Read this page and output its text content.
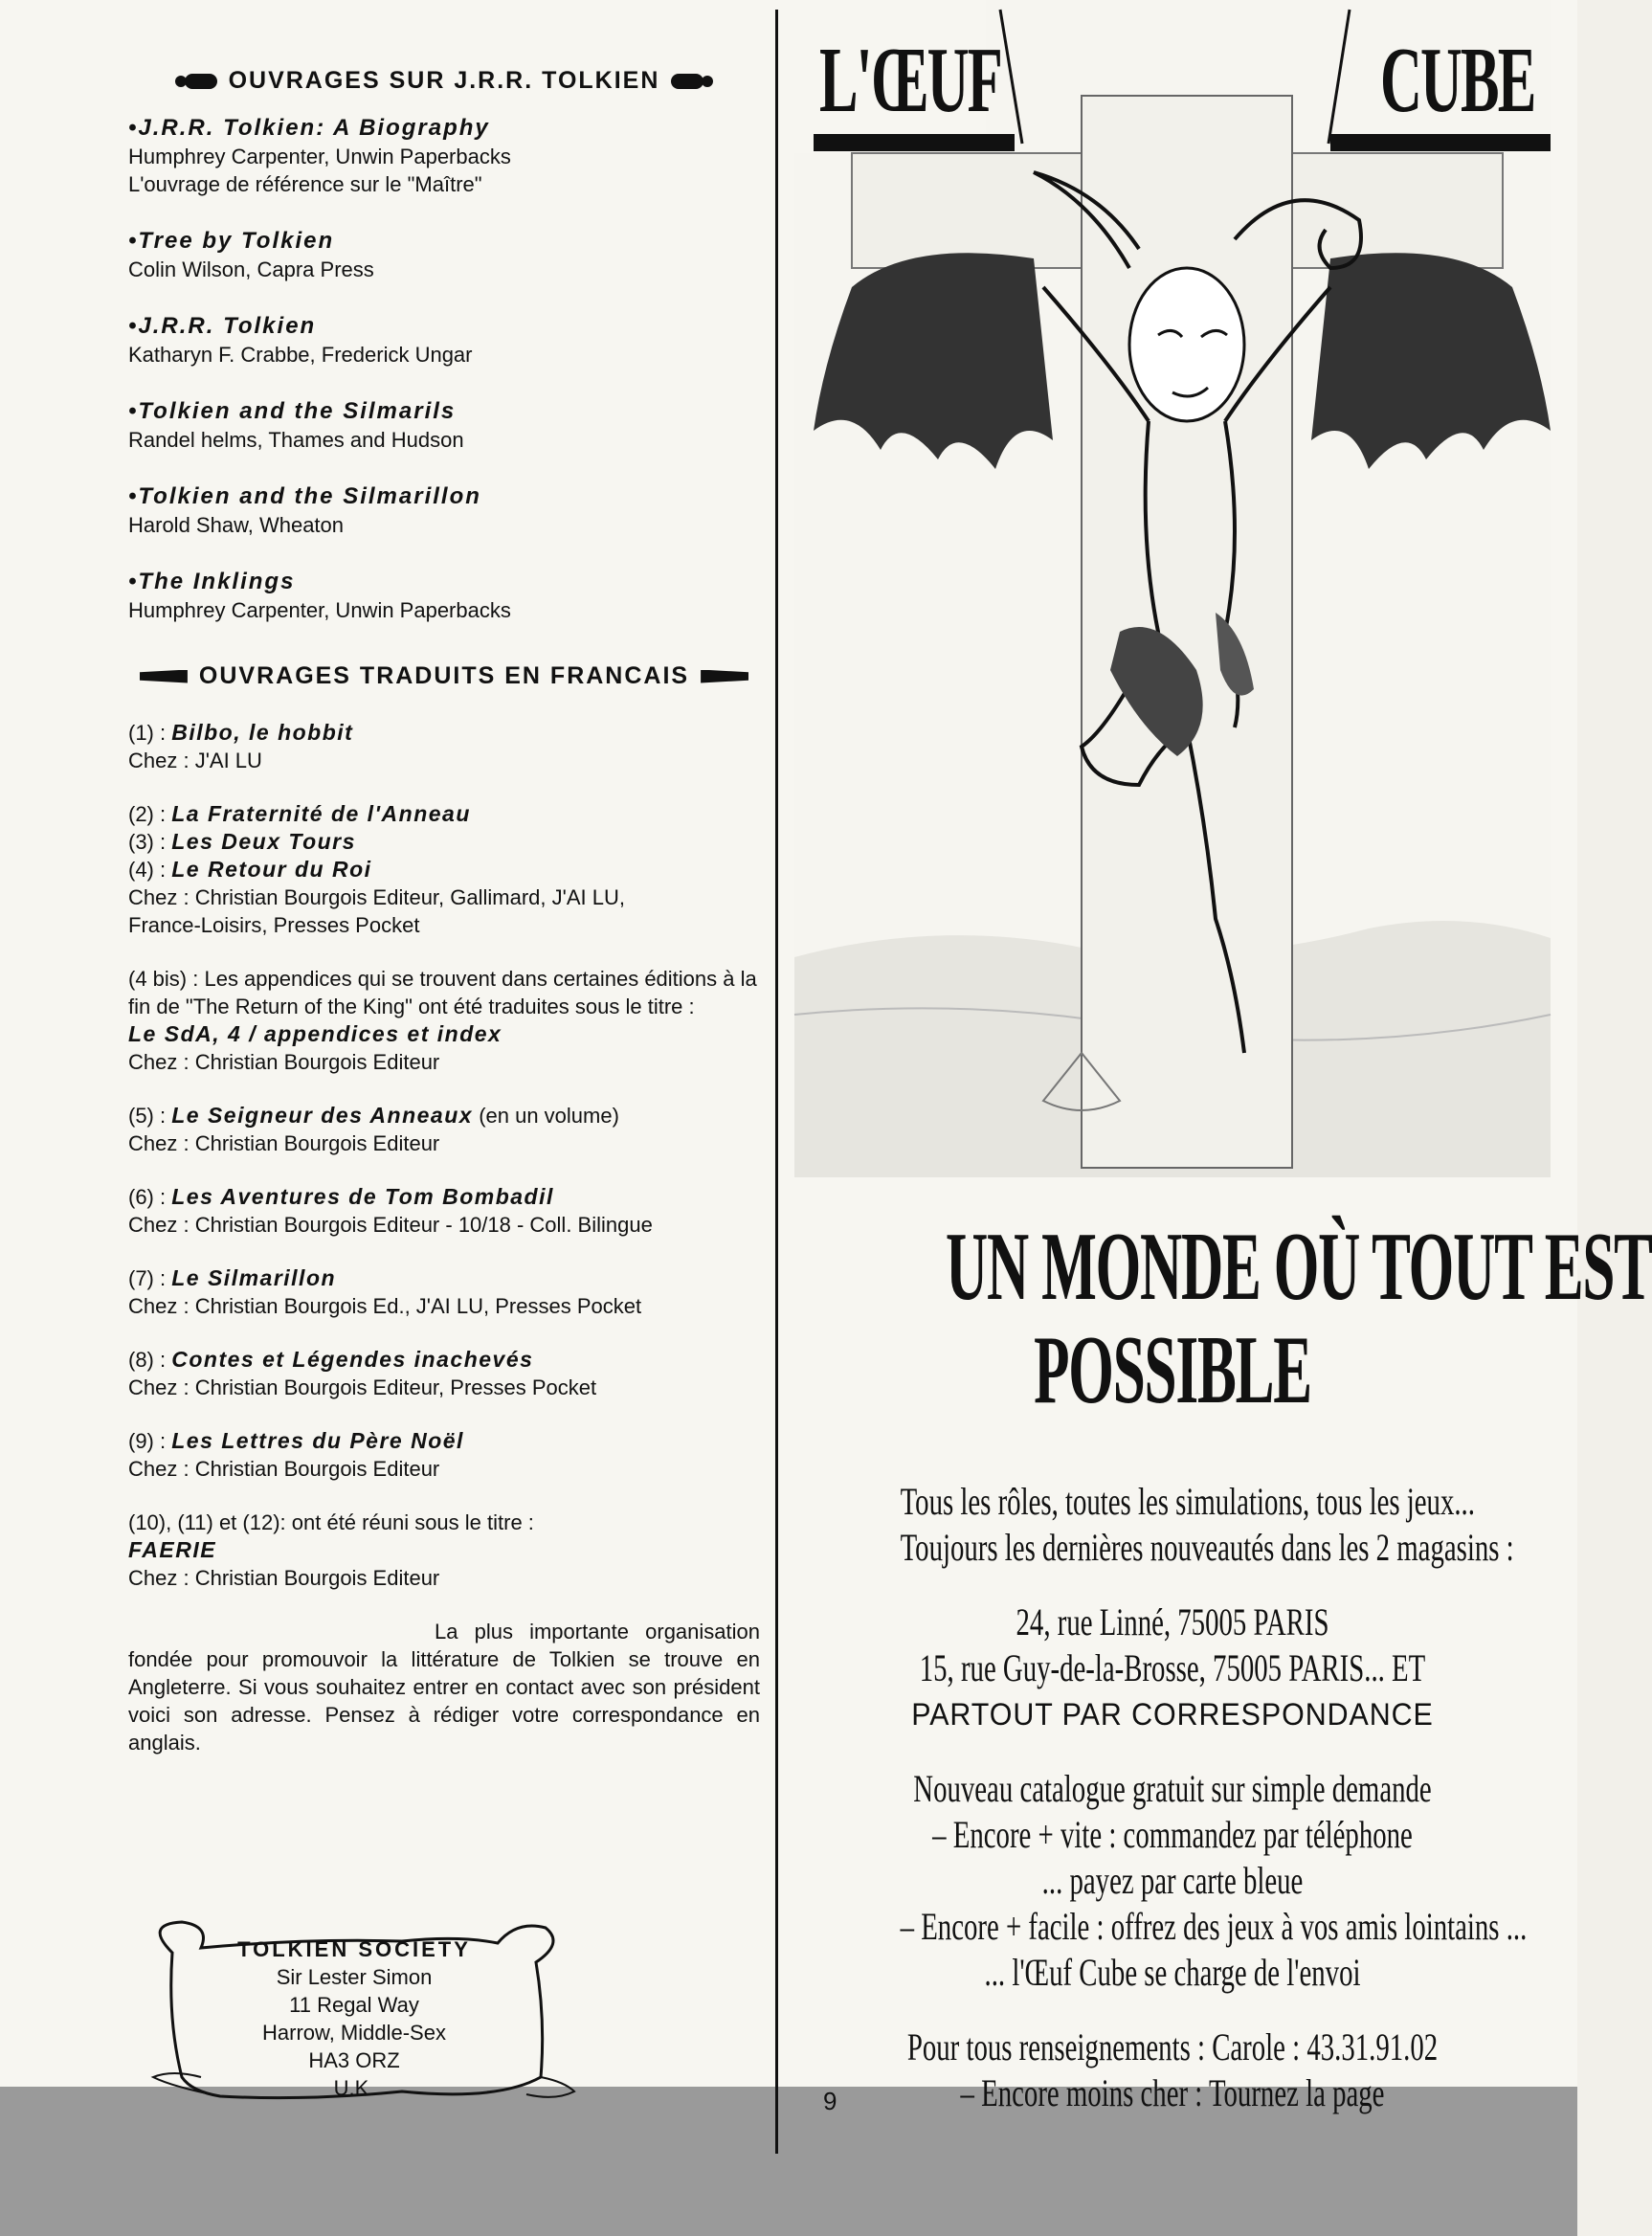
OUVRAGES SUR J.R.R. TOLKIEN
•J.R.R. Tolkien: A Biography
Humphrey Carpenter, Unwin Paperbacks
L'ouvrage de référence sur le "Maître"
•Tree by Tolkien
Colin Wilson, Capra Press
•J.R.R. Tolkien
Katharyn F. Crabbe, Frederick Ungar
•Tolkien and the Silmarils
Randel helms, Thames and Hudson
•Tolkien and the Silmarillon
Harold Shaw, Wheaton
•The Inklings
Humphrey Carpenter, Unwin Paperbacks
OUVRAGES TRADUITS EN FRANCAIS
(1) : Bilbo, le hobbit
Chez : J'AI LU
(2) : La Fraternité de l'Anneau
(3) : Les Deux Tours
(4) : Le Retour du Roi
Chez : Christian Bourgois Editeur, Gallimard, J'AI LU,
France-Loisirs, Presses Pocket
(4 bis) : Les appendices qui se trouvent dans certaines éditions à la fin de "The Return of the King" ont été traduites sous le titre :
Le SdA, 4 / appendices et index
Chez : Christian Bourgois Editeur
(5) : Le Seigneur des Anneaux (en un volume)
Chez : Christian Bourgois Editeur
(6) : Les Aventures de Tom Bombadil
Chez : Christian Bourgois Editeur - 10/18 - Coll. Bilingue
(7) : Le Silmarillon
Chez : Christian Bourgois Ed., J'AI LU, Presses Pocket
(8) : Contes et Légendes inachevés
Chez : Christian Bourgois Editeur, Presses Pocket
(9) : Les Lettres du Père Noël
Chez : Christian Bourgois Editeur
(10), (11) et (12): ont été réuni sous le titre :
FAERIE
Chez : Christian Bourgois Editeur
La plus importante organisation fondée pour promouvoir la littérature de Tolkien se trouve en Angleterre. Si vous souhaitez entrer en contact avec son président voici son adresse. Pensez à rédiger votre correspondance en anglais.
TOLKIEN SOCIETY
Sir Lester Simon
11 Regal Way
Harrow, Middle-Sex
HA3 ORZ
U.K.
L'ŒUF	CUBE
UN MONDE OÙ TOUT EST
POSSIBLE
Tous les rôles, toutes les simulations, tous les jeux...
Toujours les dernières nouveautés dans les 2 magasins :
24, rue Linné, 75005 PARIS
15, rue Guy-de-la-Brosse, 75005 PARIS... ET
PARTOUT PAR CORRESPONDANCE
Nouveau catalogue gratuit sur simple demande
– Encore + vite : commandez par téléphone
... payez par carte bleue
– Encore + facile : offrez des jeux à vos amis lointains ...
... l'Œuf Cube se charge de l'envoi
Pour tous renseignements : Carole : 43.31.91.02
– Encore moins cher : Tournez la page
9
